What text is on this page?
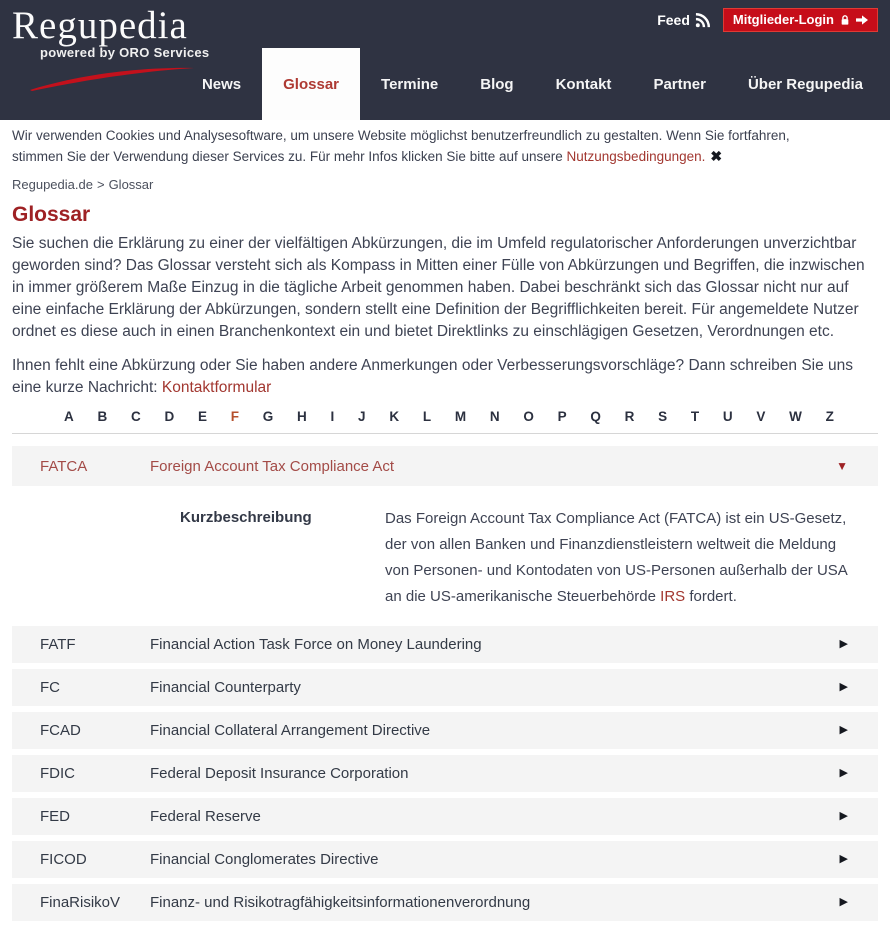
Regupedia
powered by ORO Services
Feed	Mitglieder-Login
News	Glossar	Termine	Blog	Kontakt	Partner	Über Regupedia
Wir verwenden Cookies und Analysesoftware, um unsere Website möglichst benutzerfreundlich zu gestalten. Wenn Sie fortfahren, stimmen Sie der Verwendung dieser Services zu. Für mehr Infos klicken Sie bitte auf unsere Nutzungsbedingungen. ✖
Regupedia.de > Glossar
Glossar

Sie suchen die Erklärung zu einer der vielfältigen Abkürzungen, die im Umfeld regulatorischer Anforderungen unverzichtbar geworden sind? Das Glossar versteht sich als Kompass in Mitten einer Fülle von Abkürzungen und Begriffen, die inzwischen in immer größerem Maße Einzug in die tägliche Arbeit genommen haben. Dabei beschränkt sich das Glossar nicht nur auf eine einfache Erklärung der Abkürzungen, sondern stellt eine Definition der Begrifflichkeiten bereit. Für angemeldete Nutzer ordnet es diese auch in einen Branchenkontext ein und bietet Direktlinks zu einschlägigen Gesetzen, Verordnungen etc.

Ihnen fehlt eine Abkürzung oder Sie haben andere Anmerkungen oder Verbesserungsvorschläge? Dann schreiben Sie uns eine kurze Nachricht: Kontaktformular

A B C D E F G H I J K L M N O P Q R S T U V W Z
FATCA	Foreign Account Tax Compliance Act	▼
Kurzbeschreibung	Das Foreign Account Tax Compliance Act (FATCA) ist ein US-Gesetz, der von allen Banken und Finanzdienstleistern weltweit die Meldung von Personen- und Kontodaten von US-Personen außerhalb der USA an die US-amerikanische Steuerbehörde IRS fordert.
FATF	Financial Action Task Force on Money Laundering	▶
FC	Financial Counterparty	▶
FCAD	Financial Collateral Arrangement Directive	▶
FDIC	Federal Deposit Insurance Corporation	▶
FED	Federal Reserve	▶
FICOD	Financial Conglomerates Directive	▶
FinaRisikoV	Finanz- und Risikotragfähigkeitsinformationenverordnung	▶
